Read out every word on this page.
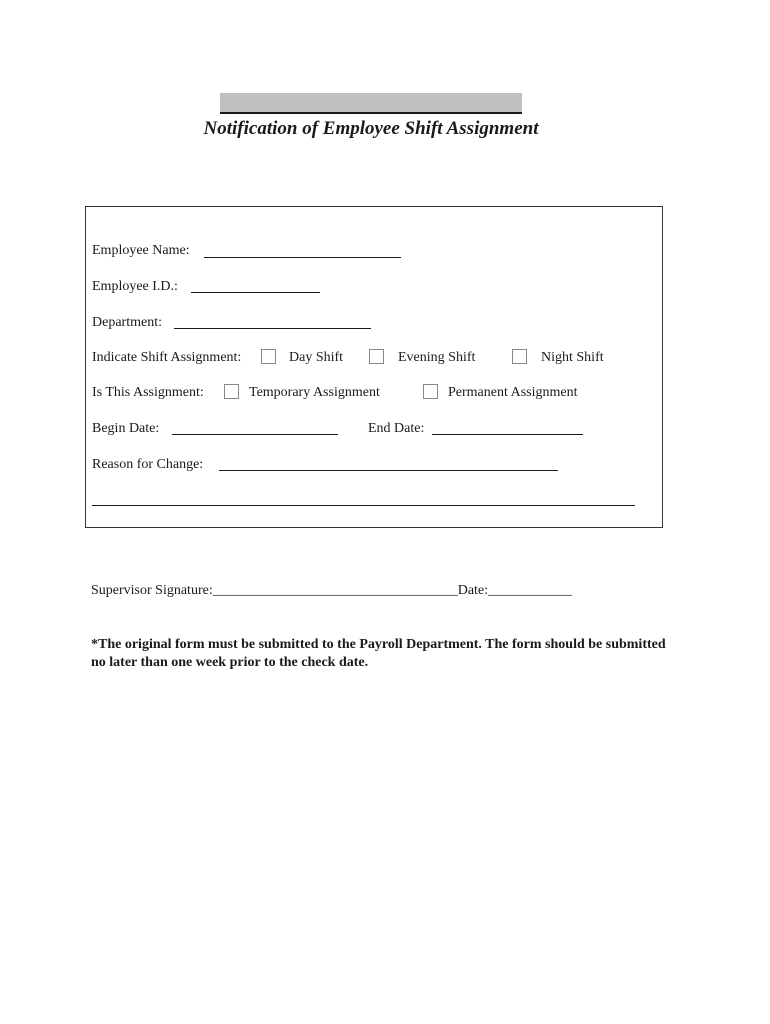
Notification of Employee Shift Assignment
Employee Name:
Employee I.D.:
Department:
Indicate Shift Assignment:	Day Shift	Evening Shift	Night Shift
Is This Assignment:	Temporary Assignment	Permanent Assignment
Begin Date:	End Date:
Reason for Change:
Supervisor Signature:___________________________________Date:____________
*The original form must be submitted to the Payroll Department. The form should be submitted no later than one week prior to the check date.
